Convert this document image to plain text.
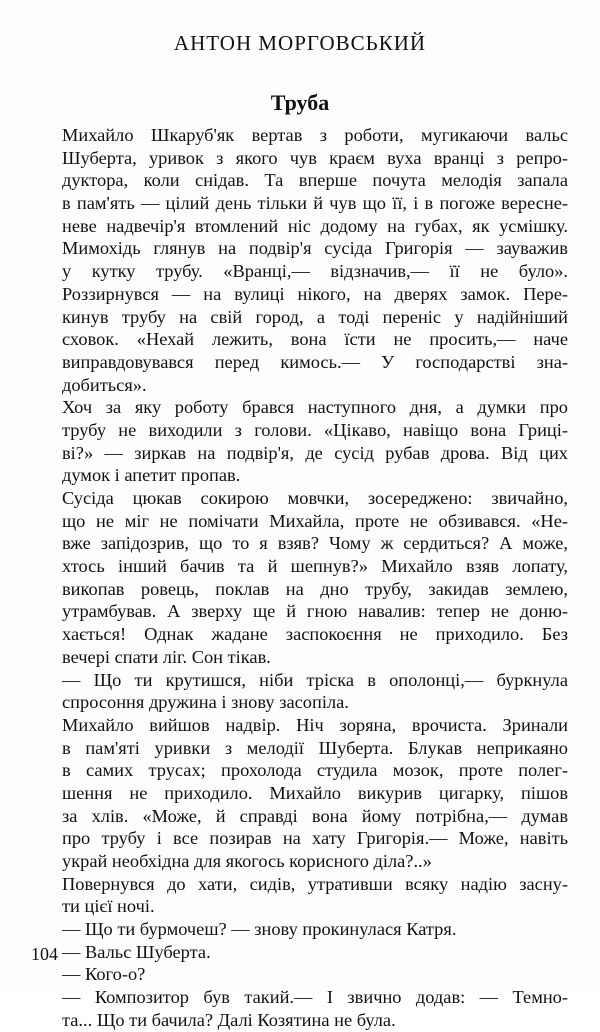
АНТОН МОРГОВСЬКИЙ
Труба
Михайло Шкаруб'як вертав з роботи, мугикаючи вальс
Шуберта, уривок з якого чув краєм вуха вранці з репро-
дуктора, коли снідав. Та вперше почута мелодія запала
в пам'ять — цілий день тільки й чув що її, і в погоже вересне-
неве надвечір'я втомлений ніс додому на губах, як усмішку.
Мимохідь глянув на подвір'я сусіда Григорія — зауважив
у кутку трубу. «Вранці,— відзначив,— її не було».
Роззирнувся — на вулиці нікого, на дверях замок. Пере-
кинув трубу на свій город, а тоді переніс у надійніший
сховок. «Нехай лежить, вона їсти не просить,— наче
виправдовувався перед кимось.— У господарстві зна-
добиться».
Хоч за яку роботу брався наступного дня, а думки про
трубу не виходили з голови. «Цікаво, навіщо вона Гриці-
ві?» — зиркав на подвір'я, де сусід рубав дрова. Від цих
думок і апетит пропав.
Сусіда цюкав сокирою мовчки, зосереджено: звичайно,
що не міг не помічати Михайла, проте не обзивався. «Не-
вже запідозрив, що то я взяв? Чому ж сердиться? А може,
хтось інший бачив та й шепнув?» Михайло взяв лопату,
викопав ровець, поклав на дно трубу, закидав землею,
утрамбував. А зверху ще й гною навалив: тепер не доню-
хається! Однак жадане заспокоєння не приходило. Без
вечері спати ліг. Сон тікав.
— Що ти крутишся, ніби тріска в ополонці,— буркнула
спросоння дружина і знову засопіла.
Михайло вийшов надвір. Ніч зоряна, врочиста. Зринали
в пам'яті уривки з мелодії Шуберта. Блукав неприкаяно
в самих трусах; прохолода студила мозок, проте полег-
шення не приходило. Михайло викурив цигарку, пішов
за хлів. «Може, й справді вона йому потрібна,— думав
про трубу і все позирав на хату Григорія.— Може, навіть
украй необхідна для якогось корисного діла?..»
Повернувся до хати, сидів, утративши всяку надію засну-
ти цієї ночі.
— Що ти бурмочеш? — знову прокинулася Катря.
— Вальс Шуберта.
— Кого-о?
— Композитор був такий.— І звично додав: — Темно-
та... Що ти бачила? Далі Козятина не була.
104
